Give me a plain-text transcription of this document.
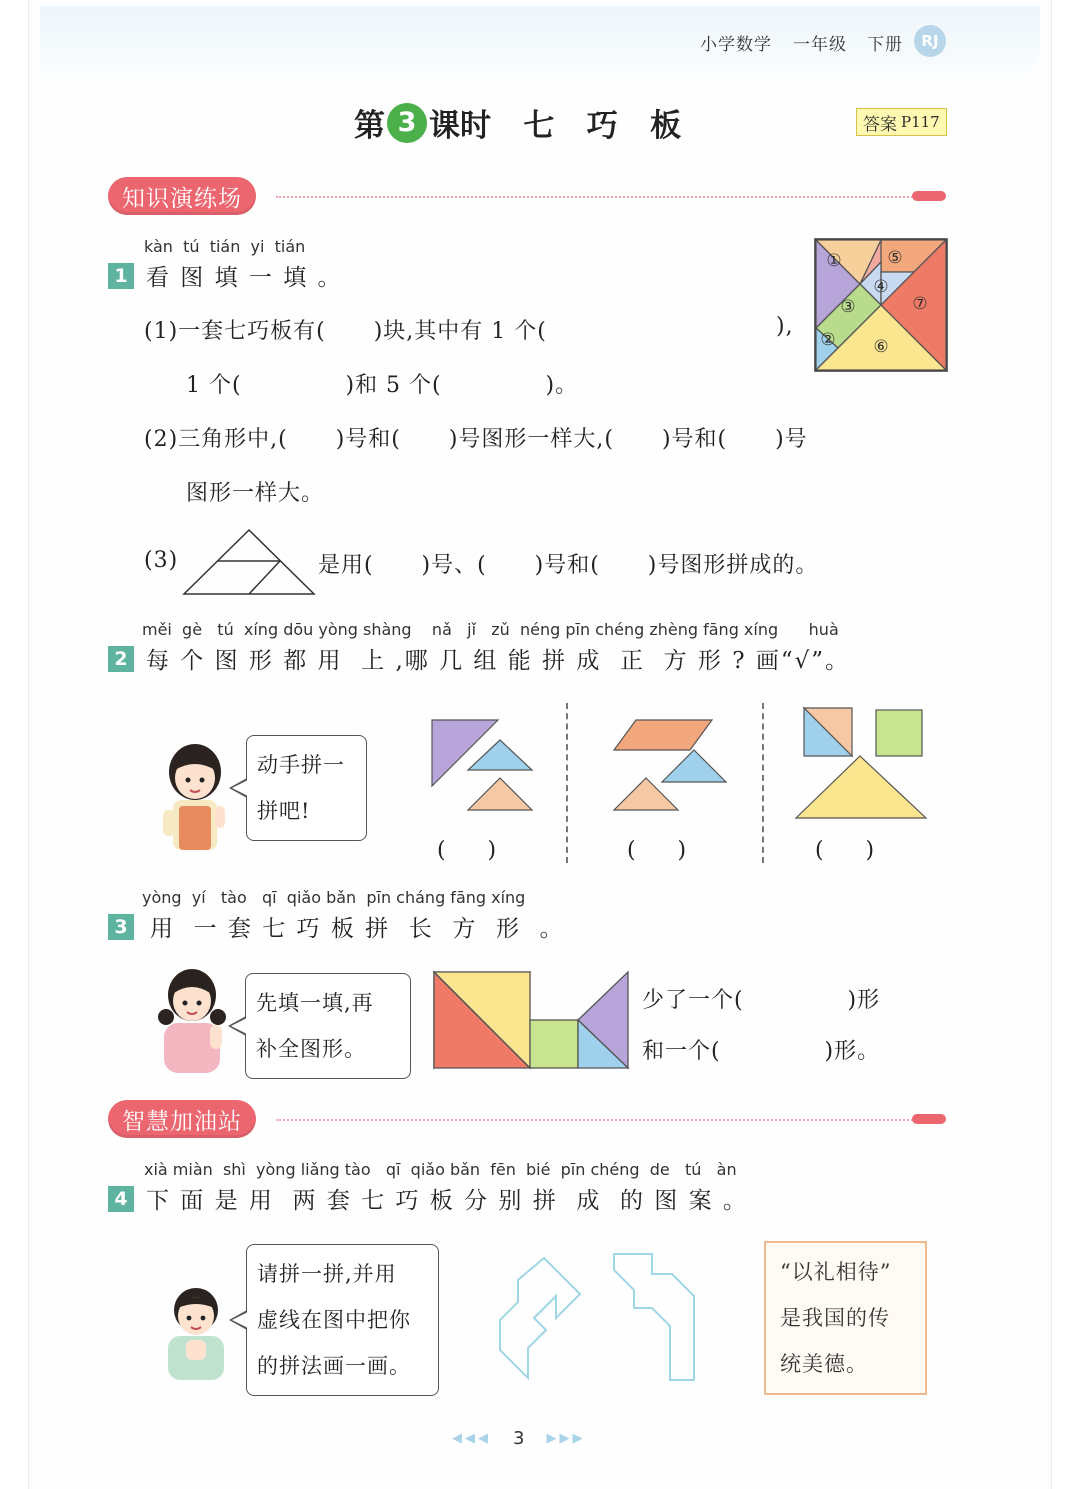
小学数学 一年级 下册	RJ
第 3 课时   七   巧   板	答案 P117
知识演练场
kàn  tú  tián  yi  tián
1 看 图 填 一 填 。
①
②
③
④
⑤
⑥
⑦
(1)一套七巧板有(      )块,其中有 1 个(	),
1 个(             )和 5 个(             )。
(2)三角形中,(      )号和(      )号图形一样大,(      )号和(      )号
图形一样大。
(3)	是用(      )号、(      )号和(      )号图形拼成的。
měi  gè   tú  xíng dōu yòng shàng    nǎ   jǐ   zǔ  néng pīn chéng zhèng fāng xíng      huà
2 每 个 图 形 都 用  上 ,哪 几 组 能 拼 成  正  方 形 ? 画“√”。
动手拼一
拼吧!
(      )	(      )	(      )
yòng  yí   tào   qī  qiǎo bǎn  pīn cháng fāng xíng
3 用  一 套 七 巧 板 拼  长  方  形  。
先填一填,再
补全图形。
少了一个(             )形
和一个(             )形。
智慧加油站
xià miàn  shì  yòng liǎng tào   qī  qiǎo bǎn  fēn  bié  pīn chéng  de   tú   àn
4 下 面 是 用  两 套 七 巧 板 分 别 拼  成  的 图 案 。
请拼一拼,并用
虚线在图中把你
的拼法画一画。
“以礼相待”
是我国的传
统美德。
◀◀◀ 3 ▶▶▶
